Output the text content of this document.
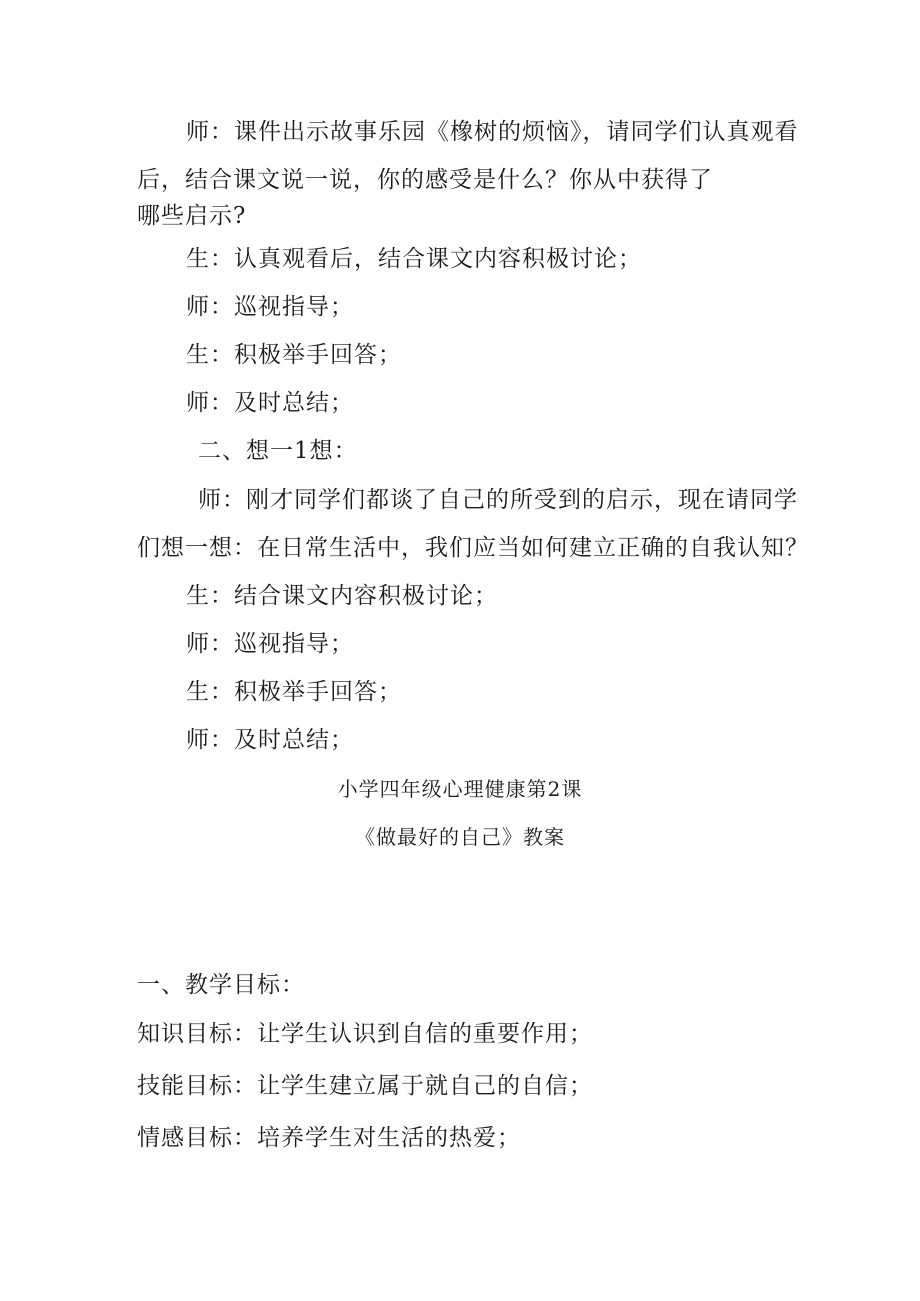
师：课件出示故事乐园《橡树的烦恼》，请同学们认真观看
后，结合课文说一说，你的感受是什么？你从中获得了
哪些启示?
生：认真观看后，结合课文内容积极讨论；
师：巡视指导；
生：积极举手回答；
师：及时总结；
二、想一1想：
师：刚才同学们都谈了自己的所受到的启示，现在请同学
们想一想：在日常生活中，我们应当如何建立正确的自我认知？
生：结合课文内容积极讨论；
师：巡视指导；
生：积极举手回答；
师：及时总结；
小学四年级心理健康第2课
《做最好的自己》教案
一、教学目标：
知识目标：让学生认识到自信的重要作用；
技能目标：让学生建立属于就自己的自信；
情感目标：培养学生对生活的热爱；
